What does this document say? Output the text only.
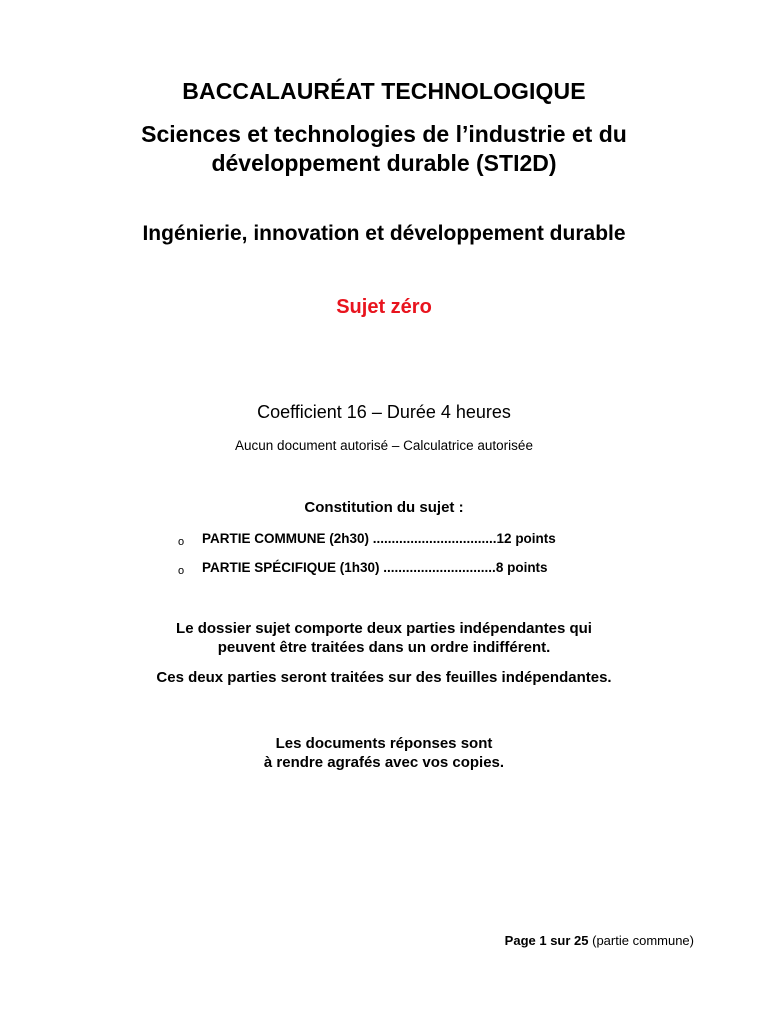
BACCALAURÉAT TECHNOLOGIQUE
Sciences et technologies de l’industrie et du
développement durable (STI2D)
Ingénierie, innovation et développement durable
Sujet zéro
Coefficient 16 – Durée 4 heures
Aucun document autorisé – Calculatrice autorisée
Constitution du sujet :
o PARTIE COMMUNE (2h30) .................................12 points
o PARTIE SPÉCIFIQUE (1h30) ..............................8 points
Le dossier sujet comporte deux parties indépendantes qui
peuvent être traitées dans un ordre indifférent.
Ces deux parties seront traitées sur des feuilles indépendantes.
Les documents réponses sont
à rendre agrafés avec vos copies.
Page 1 sur 25 (partie commune)
